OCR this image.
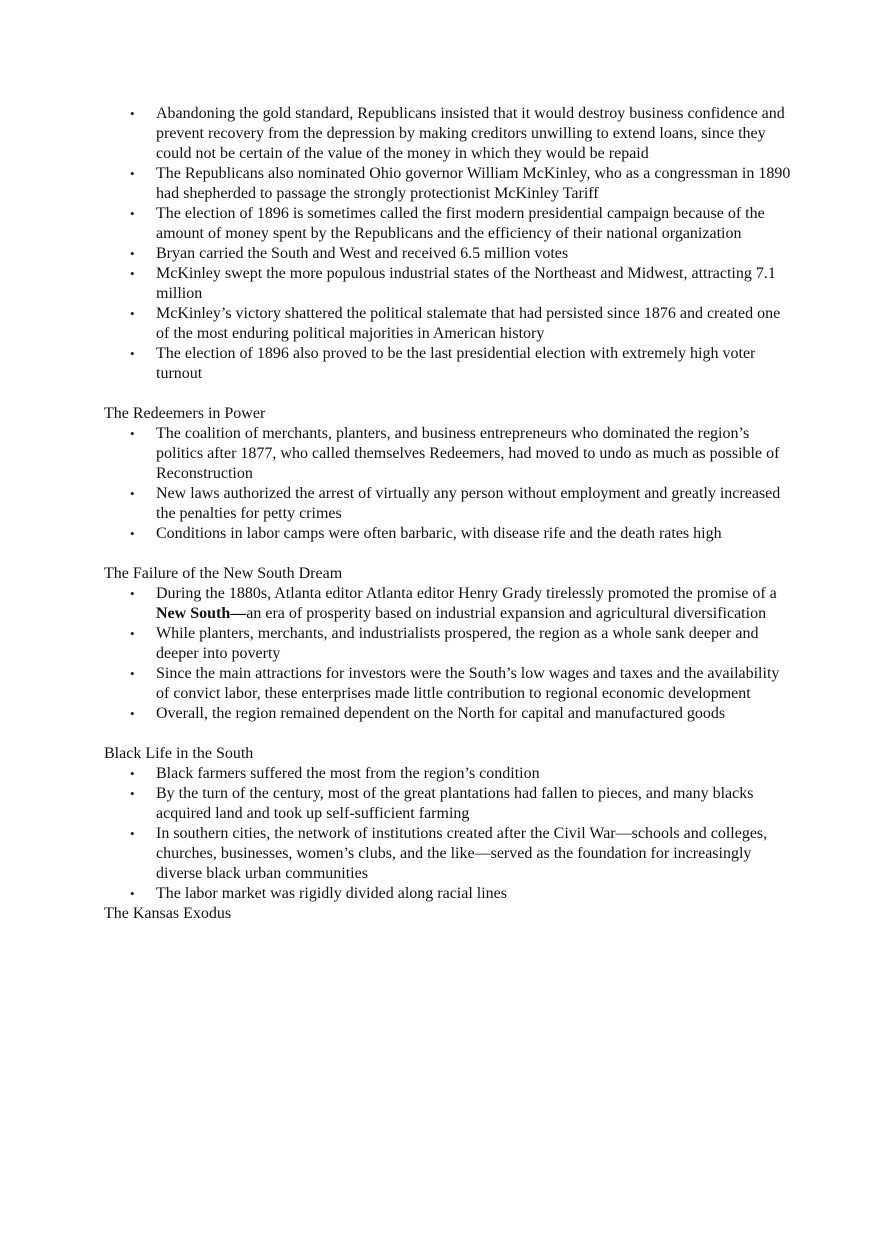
• Abandoning the gold standard, Republicans insisted that it would destroy business confidence and prevent recovery from the depression by making creditors unwilling to extend loans, since they could not be certain of the value of the money in which they would be repaid
• The Republicans also nominated Ohio governor William McKinley, who as a congressman in 1890 had shepherded to passage the strongly protectionist McKinley Tariff
• The election of 1896 is sometimes called the first modern presidential campaign because of the amount of money spent by the Republicans and the efficiency of their national organization
• Bryan carried the South and West and received 6.5 million votes
• McKinley swept the more populous industrial states of the Northeast and Midwest, attracting 7.1 million
• McKinley’s victory shattered the political stalemate that had persisted since 1876 and created one of the most enduring political majorities in American history
• The election of 1896 also proved to be the last presidential election with extremely high voter turnout

The Redeemers in Power

• The coalition of merchants, planters, and business entrepreneurs who dominated the region’s politics after 1877, who called themselves Redeemers, had moved to undo as much as possible of Reconstruction
• New laws authorized the arrest of virtually any person without employment and greatly increased the penalties for petty crimes
• Conditions in labor camps were often barbaric, with disease rife and the death rates high

The Failure of the New South Dream

• During the 1880s, Atlanta editor Atlanta editor Henry Grady tirelessly promoted the promise of a New South—an era of prosperity based on industrial expansion and agricultural diversification
• While planters, merchants, and industrialists prospered, the region as a whole sank deeper and deeper into poverty
• Since the main attractions for investors were the South’s low wages and taxes and the availability of convict labor, these enterprises made little contribution to regional economic development
• Overall, the region remained dependent on the North for capital and manufactured goods

Black Life in the South

• Black farmers suffered the most from the region’s condition
• By the turn of the century, most of the great plantations had fallen to pieces, and many blacks acquired land and took up self-sufficient farming
• In southern cities, the network of institutions created after the Civil War—schools and colleges, churches, businesses, women’s clubs, and the like—served as the foundation for increasingly diverse black urban communities
• The labor market was rigidly divided along racial lines

The Kansas Exodus
